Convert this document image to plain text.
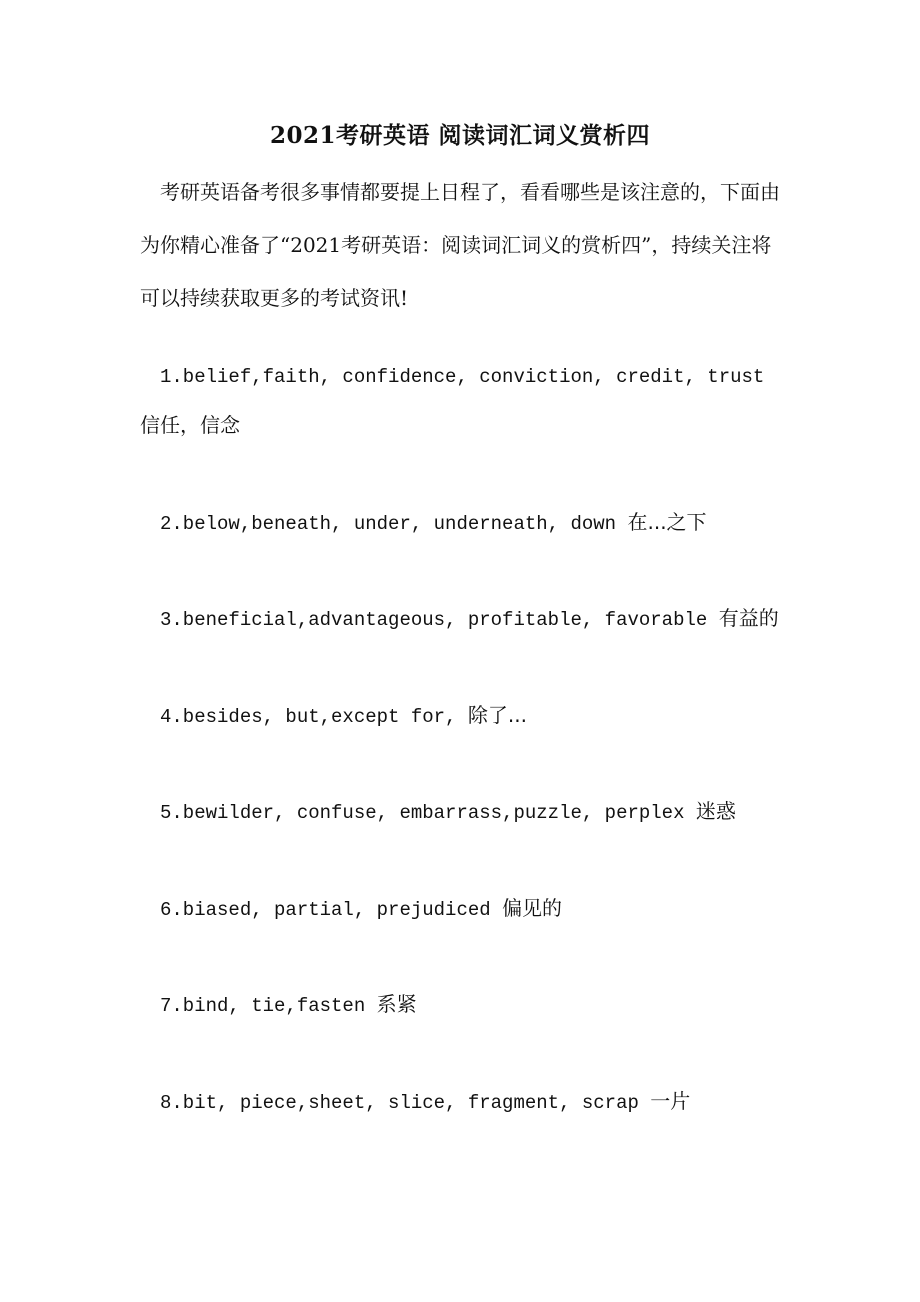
2021考研英语 阅读词汇词义赏析四

考研英语备考很多事情都要提上日程了，看看哪些是该注意的，下面由为你精心准备了“2021考研英语：阅读词汇词义的赏析四”，持续关注将可以持续获取更多的考试资讯!

1.belief,faith, confidence, conviction, credit, trust 信任，信念

2.below,beneath, under, underneath, down 在...之下

3.beneficial,advantageous, profitable, favorable 有益的

4.besides, but,except for, 除了...

5.bewilder, confuse, embarrass,puzzle, perplex 迷惑

6.biased, partial, prejudiced 偏见的

7.bind, tie,fasten 系紧

8.bit, piece,sheet, slice, fragment, scrap 一片
